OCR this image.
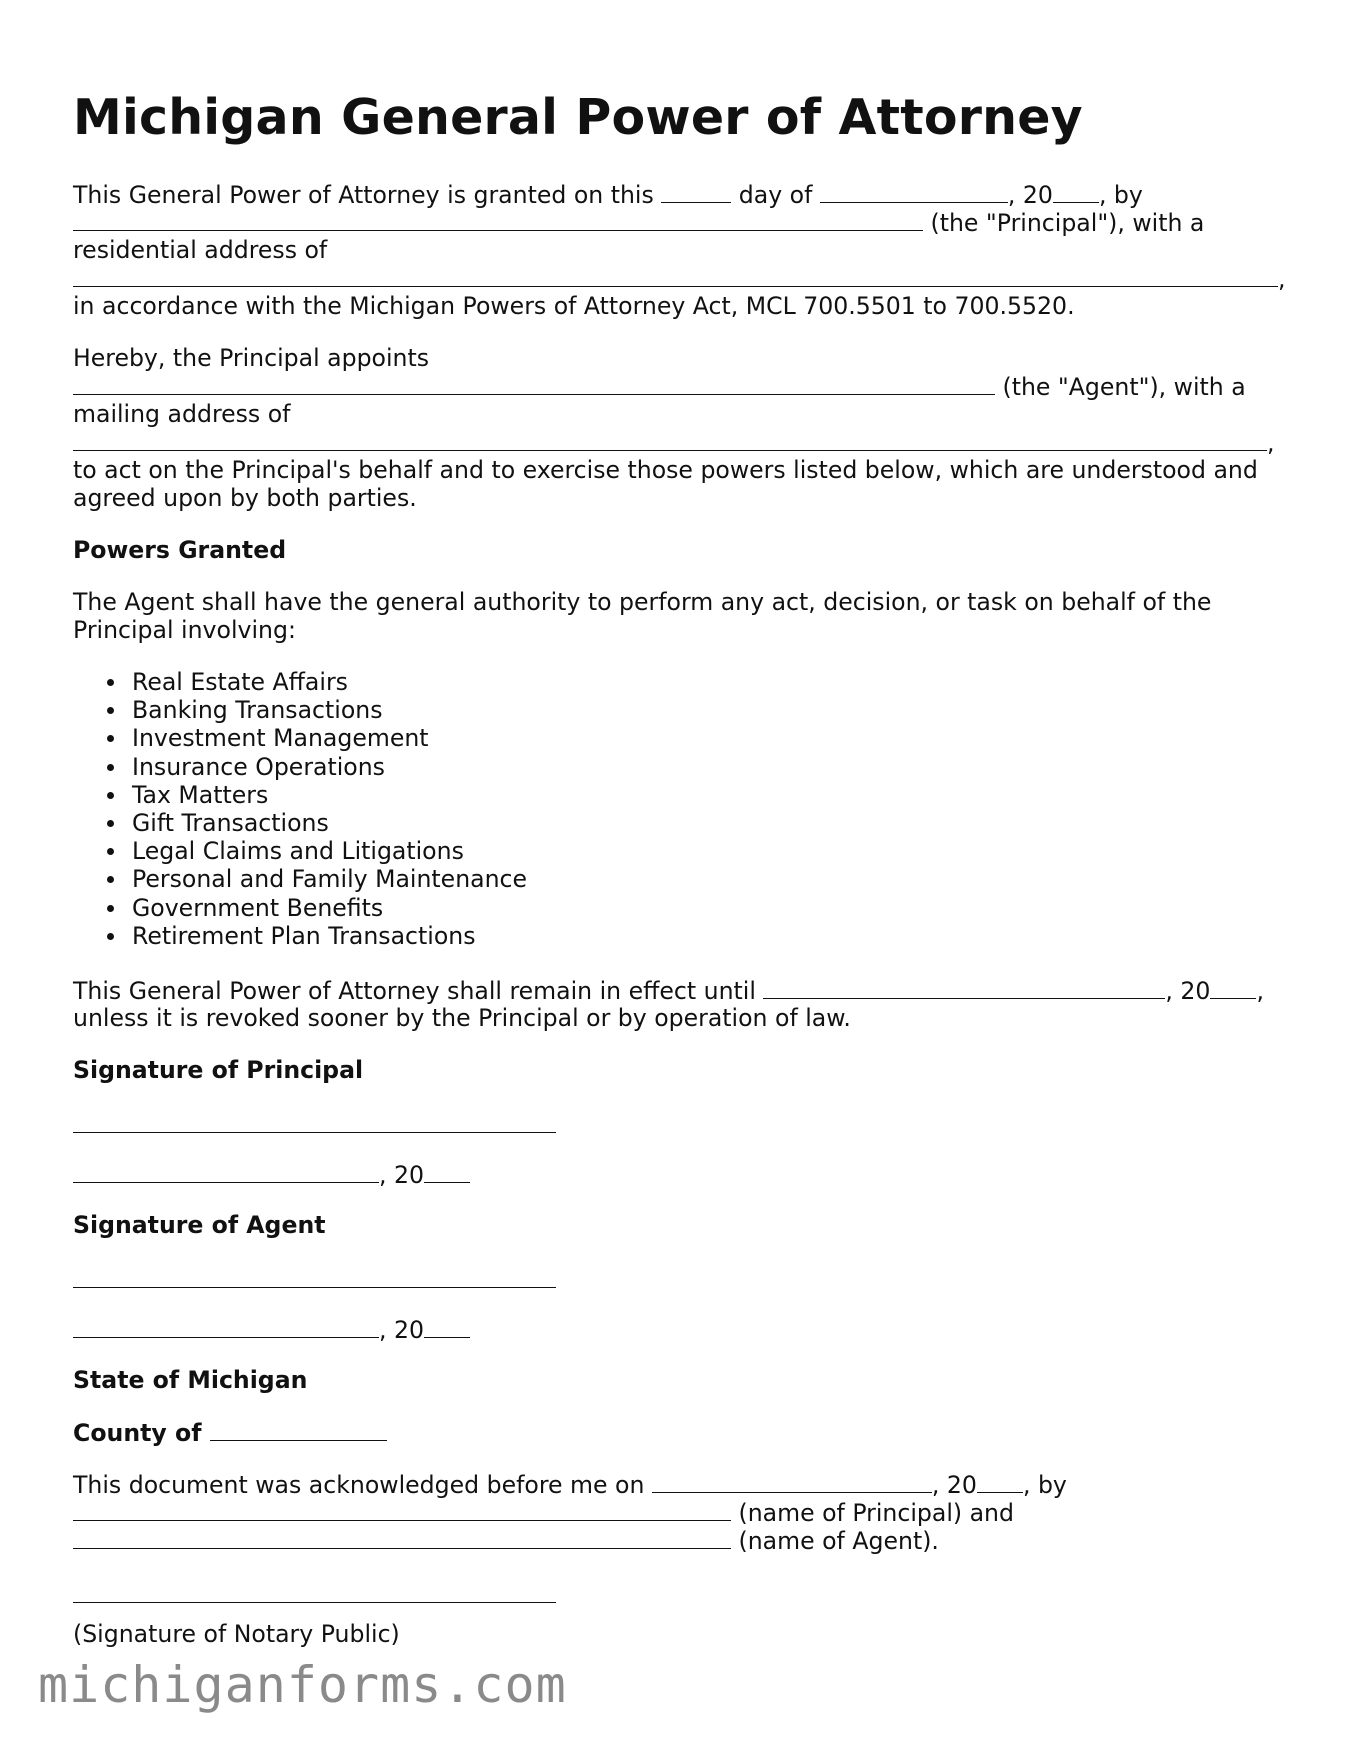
Michigan General Power of Attorney

This General Power of Attorney is granted on this	day of	, 20 , by

(the "Principal"), with a

residential address of

,

in accordance with the Michigan Powers of Attorney Act, MCL 700.5501 to 700.5520.

Hereby, the Principal appoints

(the "Agent"), with a

mailing address of

,

to act on the Principal's behalf and to exercise those powers listed below, which are understood and

agreed upon by both parties.

Powers Granted

The Agent shall have the general authority to perform any act, decision, or task on behalf of the

Principal involving:

Real Estate Affairs
Banking Transactions
Investment Management
Insurance Operations
Tax Matters
Gift Transactions
Legal Claims and Litigations
Personal and Family Maintenance
Government Benefits
Retirement Plan Transactions

This General Power of Attorney shall remain in effect until	, 20 ,

unless it is revoked sooner by the Principal or by operation of law.

Signature of Principal

, 20

Signature of Agent

, 20

State of Michigan

County of

This document was acknowledged before me on	, 20 , by

(name of Principal) and

(name of Agent).

(Signature of Notary Public)

michiganforms.com
